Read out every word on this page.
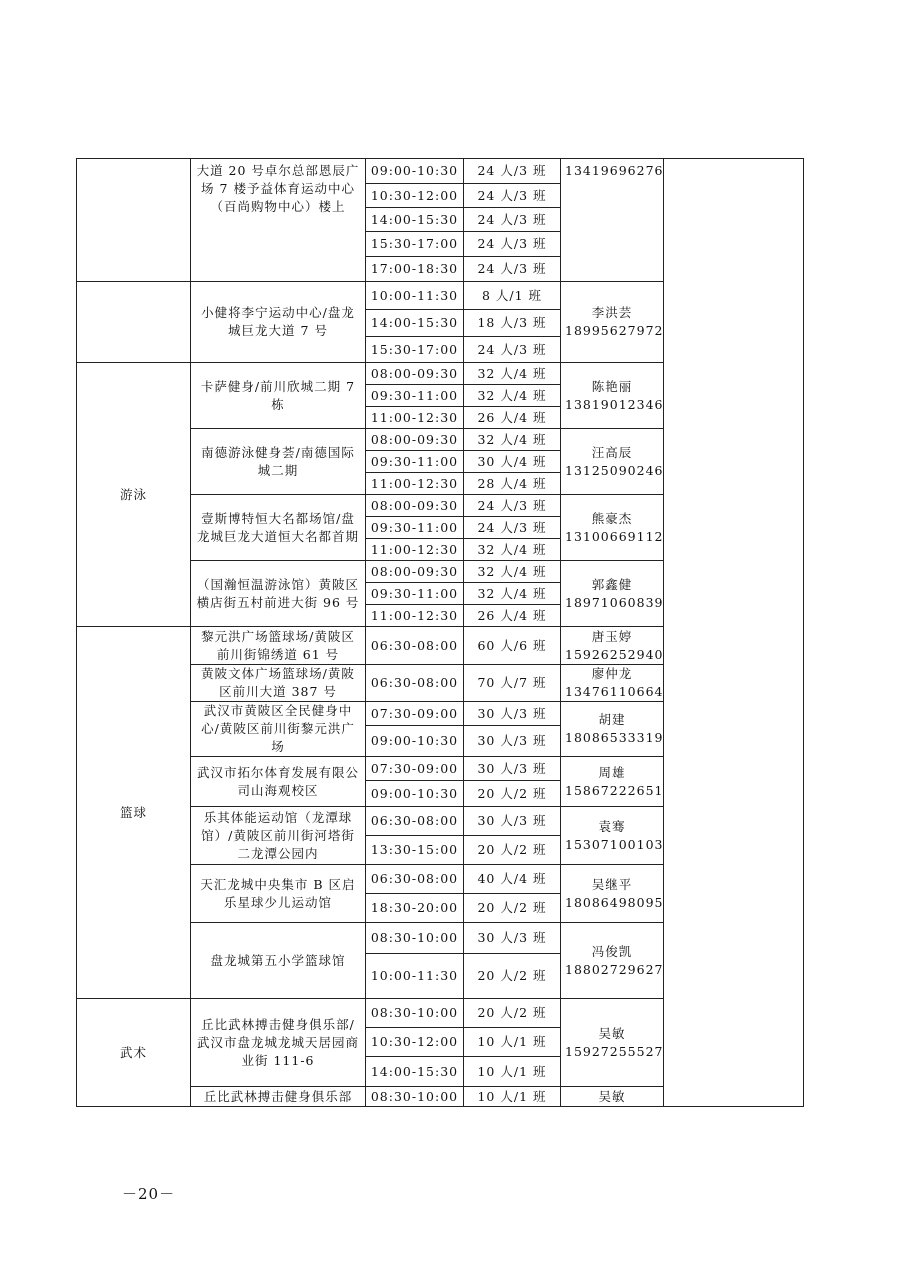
	大道 20 号卓尔总部恩辰广场 7 楼予益体育运动中心（百尚购物中心）楼上	09:00-10:30	24 人/3 班	13419696276	

		10:30-12:00	24 人/3 班		
		14:00-15:30	24 人/3 班		
		15:30-17:00	24 人/3 班		
		17:00-18:30	24 人/3 班		
	小健将李宁运动中心/盘龙城巨龙大道 7 号	10:00-11:30	8 人/1 班	李洪芸
18995627972	

		14:00-15:30	18 人/3 班		
		15:30-17:00	24 人/3 班		
游泳	卡萨健身/前川欣城二期 7 栋	08:00-09:30	32 人/4 班	陈艳丽
13819012346	

		09:30-11:00	32 人/4 班		
		11:00-12:30	26 人/4 班		
	南德游泳健身荟/南德国际城二期	08:00-09:30	32 人/4 班	汪高辰
13125090246	

		09:30-11:00	30 人/4 班		
		11:00-12:30	28 人/4 班		
	壹斯博特恒大名都场馆/盘龙城巨龙大道恒大名都首期	08:00-09:30	24 人/3 班	熊豪杰
13100669112	

		09:30-11:00	24 人/3 班		
		11:00-12:30	32 人/4 班		
	（国瀚恒温游泳馆）黄陂区横店街五村前进大街 96 号	08:00-09:30	32 人/4 班	郭鑫健
18971060839	

		09:30-11:00	32 人/4 班		
		11:00-12:30	26 人/4 班		
篮球	黎元洪广场篮球场/黄陂区前川街锦绣道 61 号	06:30-08:00	60 人/6 班	唐玉婷
15926252940	

	黄陂文体广场篮球场/黄陂区前川大道 387 号	06:30-08:00	70 人/7 班	廖仲龙
13476110664	

	武汉市黄陂区全民健身中心/黄陂区前川街黎元洪广场	07:30-09:00	30 人/3 班	胡建
18086533319	

		09:00-10:30	30 人/3 班		
	武汉市拓尔体育发展有限公司山海观校区	07:30-09:00	30 人/3 班	周雄
15867222651	

		09:00-10:30	20 人/2 班		
	乐其体能运动馆（龙潭球馆）/黄陂区前川街河塔街二龙潭公园内	06:30-08:00	30 人/3 班	袁骞
15307100103	

		13:30-15:00	20 人/2 班		
	天汇龙城中央集市 B 区启乐星球少儿运动馆	06:30-08:00	40 人/4 班	吴继平
18086498095	

		18:30-20:00	20 人/2 班		
	盘龙城第五小学篮球馆	08:30-10:00	30 人/3 班	冯俊凯
18802729627	

		10:00-11:30	20 人/2 班		
武术	丘比武林搏击健身俱乐部/武汉市盘龙城龙城天居园商业街 111-6	08:30-10:00	20 人/2 班	吴敏
15927255527	

		10:30-12:00	10 人/1 班		
		14:00-15:30	10 人/1 班		
	丘比武林搏击健身俱乐部	08:30-10:00	10 人/1 班	吴敏	
－20－
